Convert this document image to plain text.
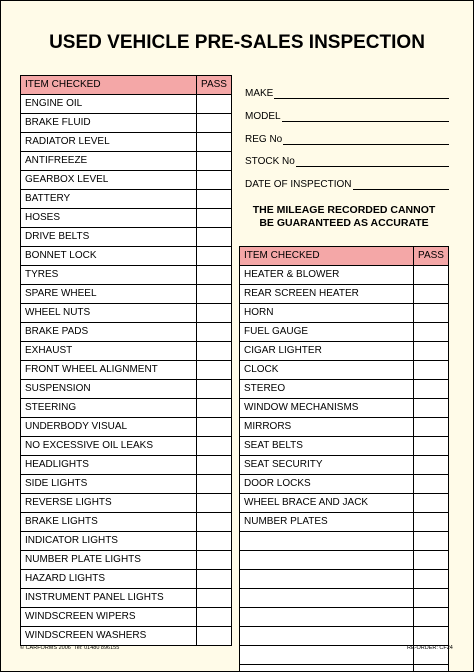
USED VEHICLE PRE-SALES INSPECTION
ITEM CHECKED	PASS
ENGINE OIL	
BRAKE FLUID	
RADIATOR LEVEL	
ANTIFREEZE	
GEARBOX LEVEL	
BATTERY	
HOSES	
DRIVE BELTS	
BONNET LOCK	
TYRES	
SPARE WHEEL	
WHEEL NUTS	
BRAKE PADS	
EXHAUST	
FRONT WHEEL ALIGNMENT	
SUSPENSION	
STEERING	
UNDERBODY VISUAL	
NO EXCESSIVE OIL LEAKS	
HEADLIGHTS	
SIDE LIGHTS	
REVERSE LIGHTS	
BRAKE LIGHTS	
INDICATOR LIGHTS	
NUMBER PLATE LIGHTS	
HAZARD LIGHTS	
INSTRUMENT PANEL LIGHTS	
WINDSCREEN WIPERS	
WINDSCREEN WASHERS	
MAKE
MODEL
REG No
STOCK No
DATE OF INSPECTION
THE MILEAGE RECORDED CANNOT
BE GUARANTEED AS ACCURATE
ITEM CHECKED	PASS
HEATER & BLOWER	
REAR SCREEN HEATER	
HORN	
FUEL GAUGE	
CIGAR LIGHTER	
CLOCK	
STEREO	
WINDOW MECHANISMS	
MIRRORS	
SEAT BELTS	
SEAT SECURITY	
DOOR LOCKS	
WHEEL BRACE AND JACK	
NUMBER PLATES	

© CARFORMS 2006 Tel: 01480 896155	RE-ORDER: CF24
